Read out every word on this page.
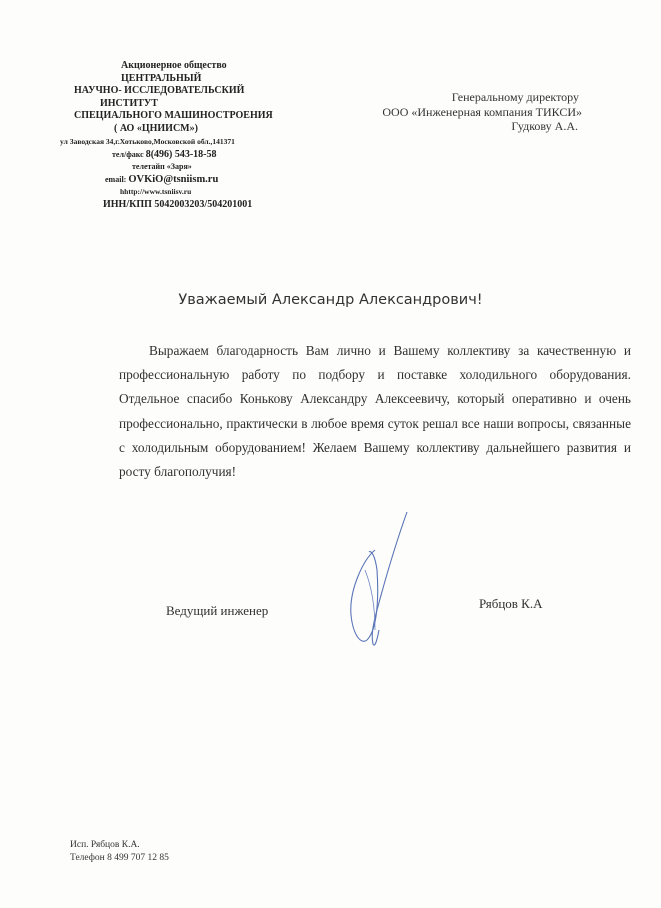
Акционерное общество
ЦЕНТРАЛЬНЫЙ
НАУЧНО- ИССЛЕДОВАТЕЛЬСКИЙ
ИНСТИТУТ
СПЕЦИАЛЬНОГО МАШИНОСТРОЕНИЯ
( АО «ЦНИИСМ»)
ул Заводская 34,г.Хотьково,Московской обл.,141371
тел/факс 8(496) 543-18-58
телетайп «Заря»
email: OVKiO@tsniism.ru
hhttp://www.tsniisv.ru
ИНН/КПП 5042003203/504201001
Генеральному директору
ООО «Инженерная компания ТИКСИ»
Гудкову А.А.
Уважаемый Александр Александрович!

Выражаем благодарность Вам лично и Вашему коллективу за качественную и профессиональную работу по подбору и поставке холодильного оборудования. Отдельное спасибо Конькову Александру Алексеевичу, который оперативно и очень профессионально, практически в любое время суток решал все наши вопросы, связанные с холодильным оборудованием! Желаем Вашему коллективу дальнейшего развития и росту благополучия!

Ведущий инженер	Рябцов К.А
Исп. Рябцов К.А.
Телефон 8 499 707 12 85
